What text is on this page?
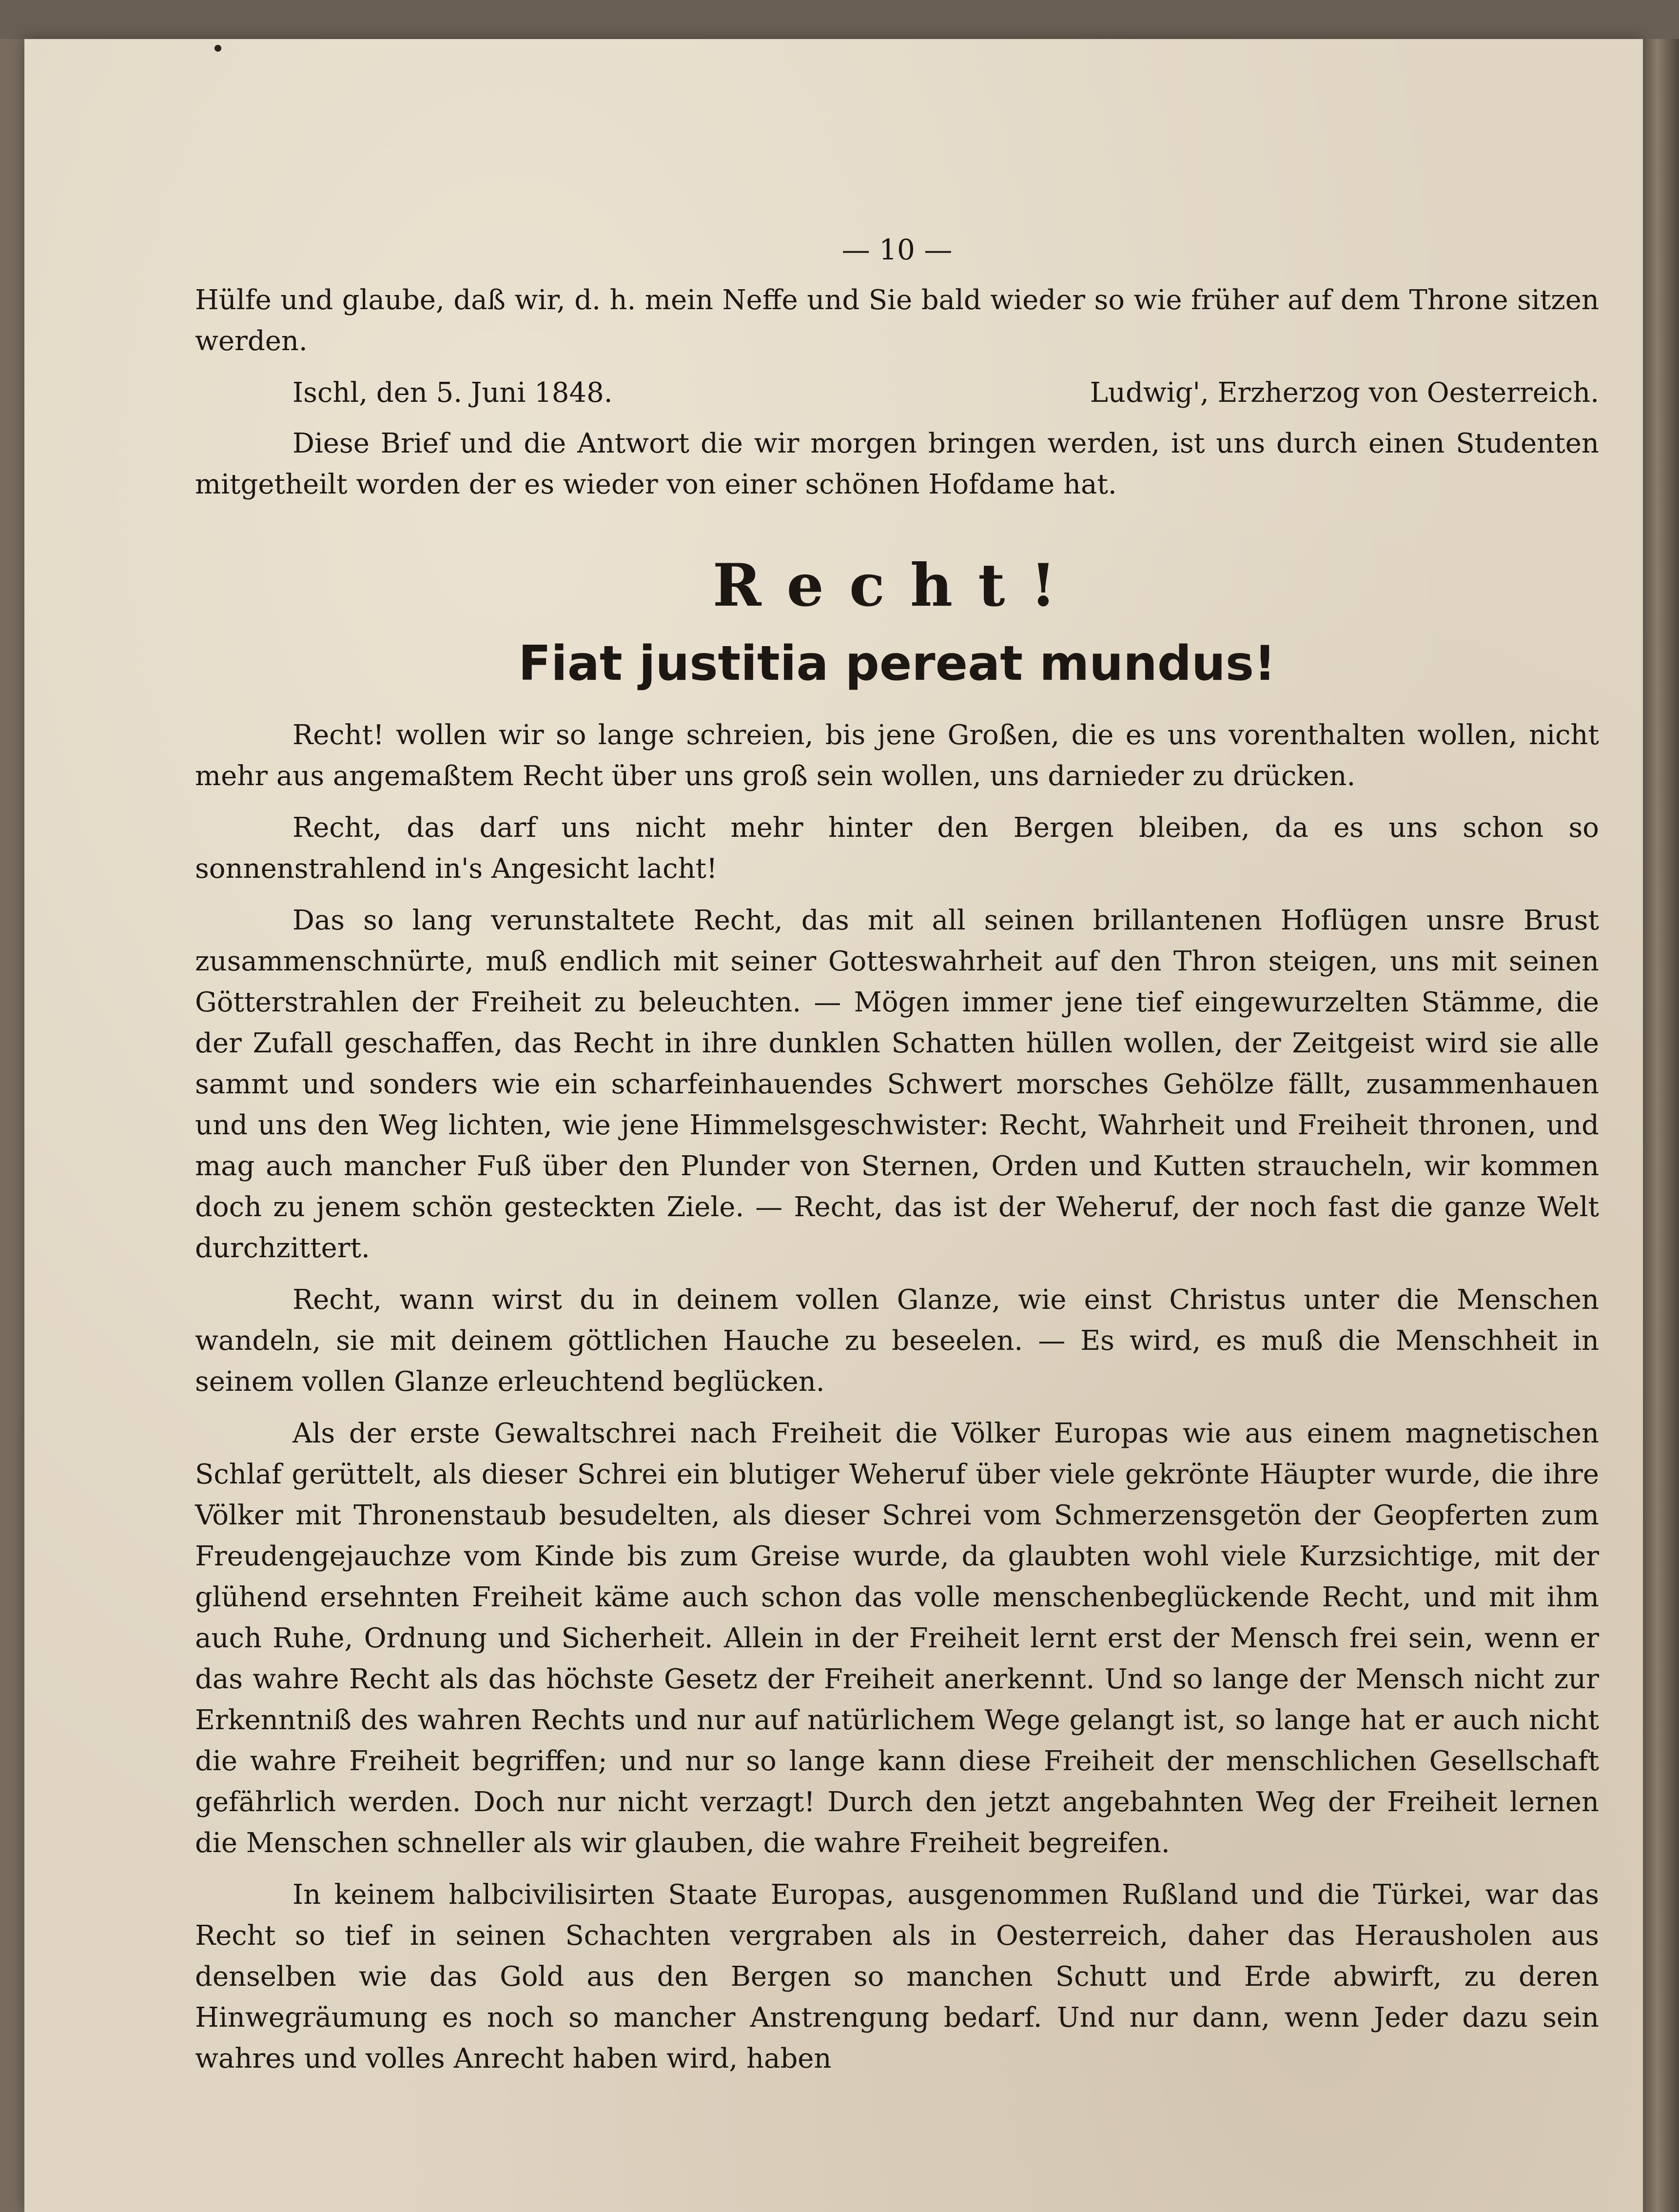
— 10 —

Hülfe und glaube, daß wir, d. h. mein Neffe und Sie bald wieder so wie früher auf dem Throne sitzen werden.

Ischl, den 5. Juni 1848.	Ludwig', Erzherzog von Oesterreich.

Diese Brief und die Antwort die wir morgen bringen werden, ist uns durch einen Studenten mitgetheilt worden der es wieder von einer schönen Hofdame hat.

Recht!
Fiat justitia pereat mundus!

Recht! wollen wir so lange schreien, bis jene Großen, die es uns vorenthalten wollen, nicht mehr aus angemaßtem Recht über uns groß sein wollen, uns darnieder zu drücken.

Recht, das darf uns nicht mehr hinter den Bergen bleiben, da es uns schon so sonnenstrahlend in's Angesicht lacht!

Das so lang verunstaltete Recht, das mit all seinen brillantenen Hoflügen unsre Brust zusammenschnürte, muß endlich mit seiner Gotteswahrheit auf den Thron steigen, uns mit seinen Götterstrahlen der Freiheit zu beleuchten. — Mögen immer jene tief eingewurzelten Stämme, die der Zufall geschaffen, das Recht in ihre dunklen Schatten hüllen wollen, der Zeitgeist wird sie alle sammt und sonders wie ein scharfeinhauendes Schwert morsches Gehölze fällt, zusammenhauen und uns den Weg lichten, wie jene Himmelsgeschwister: Recht, Wahrheit und Freiheit thronen, und mag auch mancher Fuß über den Plunder von Sternen, Orden und Kutten straucheln, wir kommen doch zu jenem schön gesteckten Ziele. — Recht, das ist der Weheruf, der noch fast die ganze Welt durchzittert.

Recht, wann wirst du in deinem vollen Glanze, wie einst Christus unter die Menschen wandeln, sie mit deinem göttlichen Hauche zu beseelen. — Es wird, es muß die Menschheit in seinem vollen Glanze erleuchtend beglücken.

Als der erste Gewaltschrei nach Freiheit die Völker Europas wie aus einem magnetischen Schlaf gerüttelt, als dieser Schrei ein blutiger Weheruf über viele gekrönte Häupter wurde, die ihre Völker mit Thronenstaub besudelten, als dieser Schrei vom Schmerzensgetön der Geopferten zum Freudengejauchze vom Kinde bis zum Greise wurde, da glaubten wohl viele Kurzsichtige, mit der glühend ersehnten Freiheit käme auch schon das volle menschenbeglückende Recht, und mit ihm auch Ruhe, Ordnung und Sicherheit. Allein in der Freiheit lernt erst der Mensch frei sein, wenn er das wahre Recht als das höchste Gesetz der Freiheit anerkennt. Und so lange der Mensch nicht zur Erkenntniß des wahren Rechts und nur auf natürlichem Wege gelangt ist, so lange hat er auch nicht die wahre Freiheit begriffen; und nur so lange kann diese Freiheit der menschlichen Gesellschaft gefährlich werden. Doch nur nicht verzagt! Durch den jetzt angebahnten Weg der Freiheit lernen die Menschen schneller als wir glauben, die wahre Freiheit begreifen.

In keinem halbcivilisirten Staate Europas, ausgenommen Rußland und die Türkei, war das Recht so tief in seinen Schachten vergraben als in Oesterreich, daher das Herausholen aus denselben wie das Gold aus den Bergen so manchen Schutt und Erde abwirft, zu deren Hinwegräumung es noch so mancher Anstrengung bedarf. Und nur dann, wenn Jeder dazu sein wahres und volles Anrecht haben wird, haben
